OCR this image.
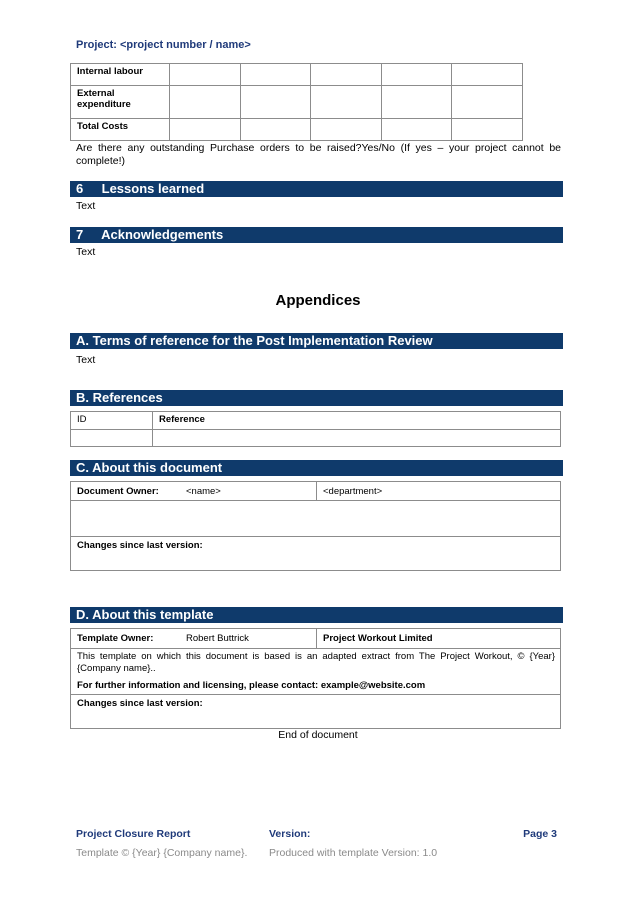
Project: <project number / name>
Internal labour					
External expenditure					
Total Costs					
Are there any outstanding Purchase orders to be raised?Yes/No (If yes – your project cannot be complete!)
6 Lessons learned
Text
7 Acknowledgements
Text
Appendices
A. Terms of reference for the Post Implementation Review
Text
B. References
ID	Reference

C. About this document
Document Owner:	<name>	<department>
Changes since last version:
D. About this template
Template Owner:	Robert Buttrick	Project Workout Limited
This template on which this document is based is an adapted extract from The Project Workout, © {Year} {Company name}..
For further information and licensing, please contact: example@website.com
Changes since last version:
End of document
Project Closure Report	Version:	Page 3
Template © {Year} {Company name}. Produced with template Version: 1.0
